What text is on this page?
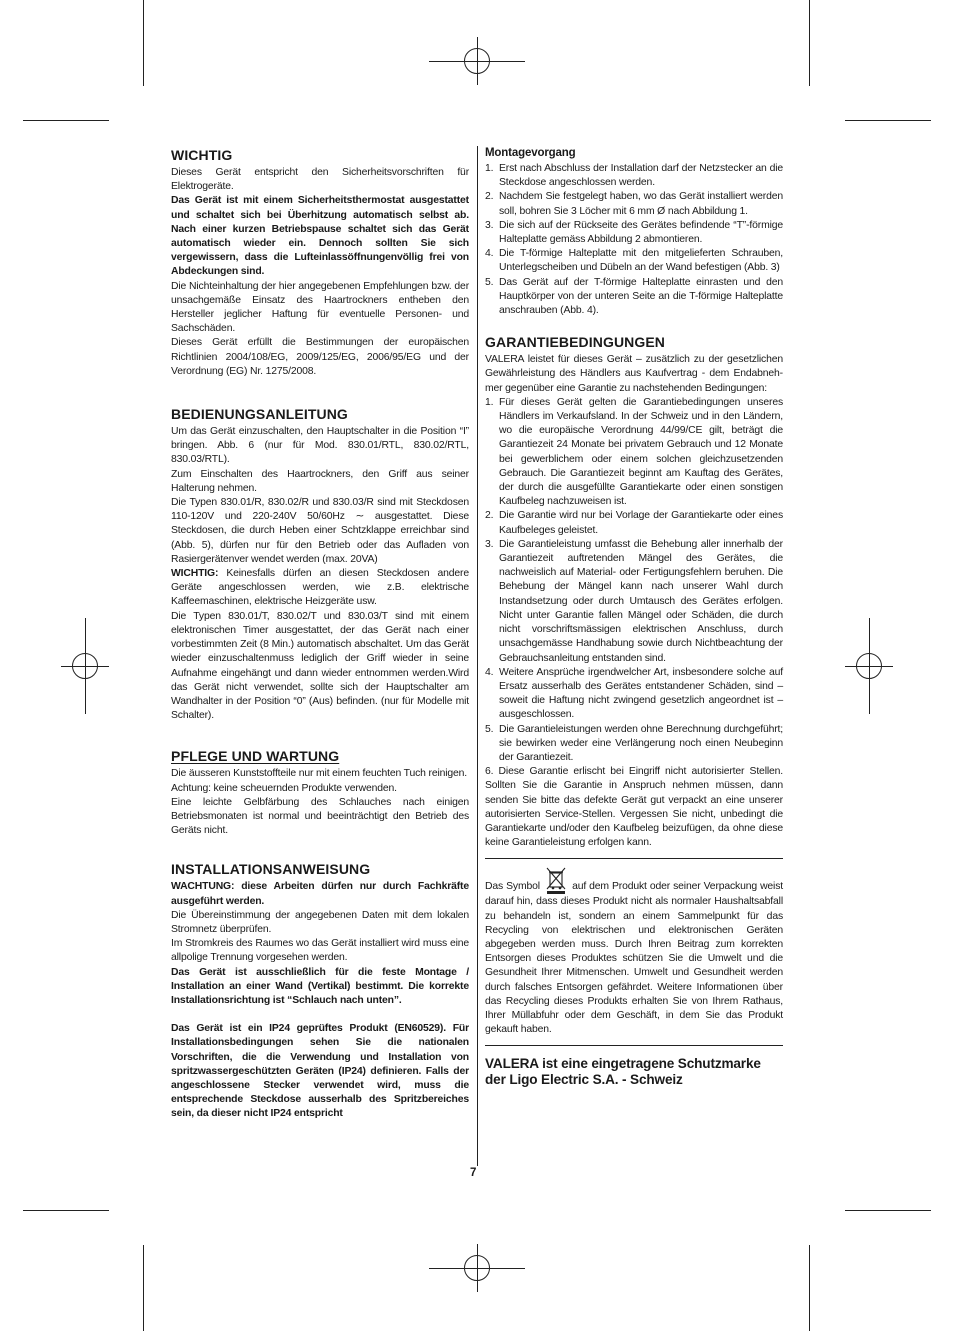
WICHTIG

Dieses Gerät entspricht den Sicherheitsvorschriften für Elektrogeräte.

Das Gerät ist mit einem Sicherheitsthermostat ausgestattet und schaltet sich bei Überhitzung automatisch selbst ab. Nach einer kurzen Betriebspause schaltet sich das Gerät automatisch wieder ein. Dennoch sollten Sie sich vergewissern, dass die Lufteinlassöffnungenvöllig frei von Abdeckungen sind.

Die Nichteinhaltung der hier angegebenen Empfehlungen bzw. der unsachgemäße Einsatz des Haartrockners entheben den Hersteller jeglicher Haftung für eventuelle Personen- und Sachschäden.

Dieses Gerät erfüllt die Bestimmungen der europäischen Richtlinien 2004/108/EG, 2009/125/EG, 2006/95/EG und der Verordnung (EG) Nr. 1275/2008.

BEDIENUNGSANLEITUNG

Um das Gerät einzuschalten, den Hauptschalter in die Position “I” bringen. Abb. 6 (nur für Mod. 830.01/RTL, 830.02/RTL, 830.03/RTL).

Zum Einschalten des Haartrockners, den Griff aus seiner Halterung nehmen.

Die Typen 830.01/R, 830.02/R und 830.03/R sind mit Steckdosen 110-120V und 220-240V 50/60Hz ∼ ausgestattet. Diese Steckdosen, die durch Heben einer Schtzklappe erreichbar sind (Abb. 5), dürfen nur für den Betrieb oder das Aufladen von Rasiergerätenver wendet werden (max. 20VA)

WICHTIG: Keinesfalls dürfen an diesen Steckdosen andere Geräte angeschlossen werden, wie z.B. elektrische Kaffeemaschinen, elektrische Heizgeräte usw.

Die Typen 830.01/T, 830.02/T und 830.03/T sind mit einem elektronischen Timer ausgestattet, der das Gerät nach einer vorbestimmten Zeit (8 Min.) automatisch abschaltet. Um das Gerät wieder einzuschaltenmuss lediglich der Griff wieder in seine Aufnahme eingehängt und dann wieder entnommen werden.Wird das Gerät nicht verwendet, sollte sich der Hauptschalter am Wandhalter in der Position “0” (Aus) befinden. (nur für Modelle mit Schalter).

PFLEGE UND WARTUNG

Die äusseren Kunststoffteile nur mit einem feuchten Tuch reinigen.

Achtung: keine scheuernden Produkte verwenden.

Eine leichte Gelbfärbung des Schlauches nach einigen Betriebsmonaten ist normal und beeinträchtigt den Betrieb des Geräts nicht.

INSTALLATIONSANWEISUNG

WACHTUNG: diese Arbeiten dürfen nur durch Fachkräfte ausgeführt werden.

Die Übereinstimmung der angegebenen Daten mit dem lokalen Stromnetz überprüfen.

Im Stromkreis des Raumes wo das Gerät installiert wird muss eine allpolige Trennung vorgesehen werden.

Das Gerät ist ausschließlich für die feste Montage / Installation an einer Wand (Vertikal) bestimmt. Die korrekte Installationsrichtung ist “Schlauch nach unten”.

Das Gerät ist ein IP24 geprüftes Produkt (EN60529). Für Installationsbedingungen sehen Sie die nationalen Vorschriften, die die Verwendung und Installation von spritzwassergeschützten Geräten (IP24) definieren. Falls der angeschlossene Stecker verwendet wird, muss die entsprechende Steckdose ausserhalb des Spritzbereiches sein, da dieser nicht IP24 entspricht

Montagevorgang
1. Erst nach Abschluss der Installation darf der Netzstecker an die Steckdose angeschlossen werden.
2. Nachdem Sie festgelegt haben, wo das Gerät installiert werden soll, bohren Sie 3 Löcher mit 6 mm Ø nach Abbildung 1.
3. Die sich auf der Rückseite des Gerätes befindende “T”-förmige Halteplatte gemäss Abbildung 2 abmontieren.
4. Die T-förmige Halteplatte mit den mitgelieferten Schrauben, Unterlegscheiben und Dübeln an der Wand befestigen (Abb. 3)
5. Das Gerät auf der T-förmige Halteplatte einrasten und den Hauptkörper von der unteren Seite an die T-förmige Halteplatte anschrauben (Abb. 4).
GARANTIEBEDINGUNGEN

VALERA leistet für dieses Gerät – zusätzlich zu der gesetzlichen Gewährleistung des Händlers aus Kaufvertrag - dem Endabneh-mer gegenüber eine Garantie zu nachstehenden Bedingungen:

1. Für dieses Gerät gelten die Garantiebedingungen unseres Händlers im Verkaufsland. In der Schweiz und in den Ländern, wo die europäische Verordnung 44/99/CE gilt, beträgt die Garantiezeit 24 Monate bei privatem Gebrauch und 12 Monate bei gewerblichem oder einem solchen gleichzusetzenden Gebrauch. Die Garantiezeit beginnt am Kauftag des Gerätes, der durch die ausgefüllte Garantiekarte oder einen sonstigen Kaufbeleg nachzuweisen ist.
2. Die Garantie wird nur bei Vorlage der Garantiekarte oder eines Kaufbeleges geleistet.
3. Die Garantieleistung umfasst die Behebung aller innerhalb der Garantiezeit auftretenden Mängel des Gerätes, die nachweislich auf Material- oder Fertigungsfehlern beruhen. Die Behebung der Mängel kann nach unserer Wahl durch Instandsetzung oder durch Umtausch des Gerätes erfolgen. Nicht unter Garantie fallen Mängel oder Schäden, die durch nicht vorschriftsmässigen elektrischen Anschluss, durch unsachgemässe Handhabung sowie durch Nichtbeachtung der Gebrauchsanleitung entstanden sind.
4. Weitere Ansprüche irgendwelcher Art, insbesondere solche auf Ersatz ausserhalb des Gerätes entstandener Schäden, sind – soweit die Haftung nicht zwingend gesetzlich angeordnet ist – ausgeschlossen.
5. Die Garantieleistungen werden ohne Berechnung durchgeführt; sie bewirken weder eine Verlängerung noch einen Neubeginn der Garantiezeit.

6. Diese Garantie erlischt bei Eingriff nicht autorisierter Stellen. Sollten Sie die Garantie in Anspruch nehmen müssen, dann senden Sie bitte das defekte Gerät gut verpackt an eine unserer autorisierten Service-Stellen. Vergessen Sie nicht, unbedingt die Garantiekarte und/oder den Kaufbeleg beizufügen, da ohne diese keine Garantieleistung erfolgen kann.

Das Symbol	auf dem Produkt oder seiner Verpackung weist darauf hin, dass dieses Produkt nicht als normaler Haushaltsabfall zu behandeln ist, sondern an einem Sammelpunkt für das Recycling von elektrischen und elektronischen Geräten abgegeben werden muss. Durch Ihren Beitrag zum korrekten Entsorgen dieses Produktes schützen Sie die Umwelt und die Gesundheit Ihrer Mitmenschen. Umwelt und Gesundheit werden durch falsches Entsorgen gefährdet. Weitere Informationen über das Recycling dieses Produkts erhalten Sie von Ihrem Rathaus, Ihrer Müllabfuhr oder dem Geschäft, in dem Sie das Produkt gekauft haben.

VALERA ist eine eingetragene Schutzmarke der Ligo Electric S.A. - Schweiz
7
